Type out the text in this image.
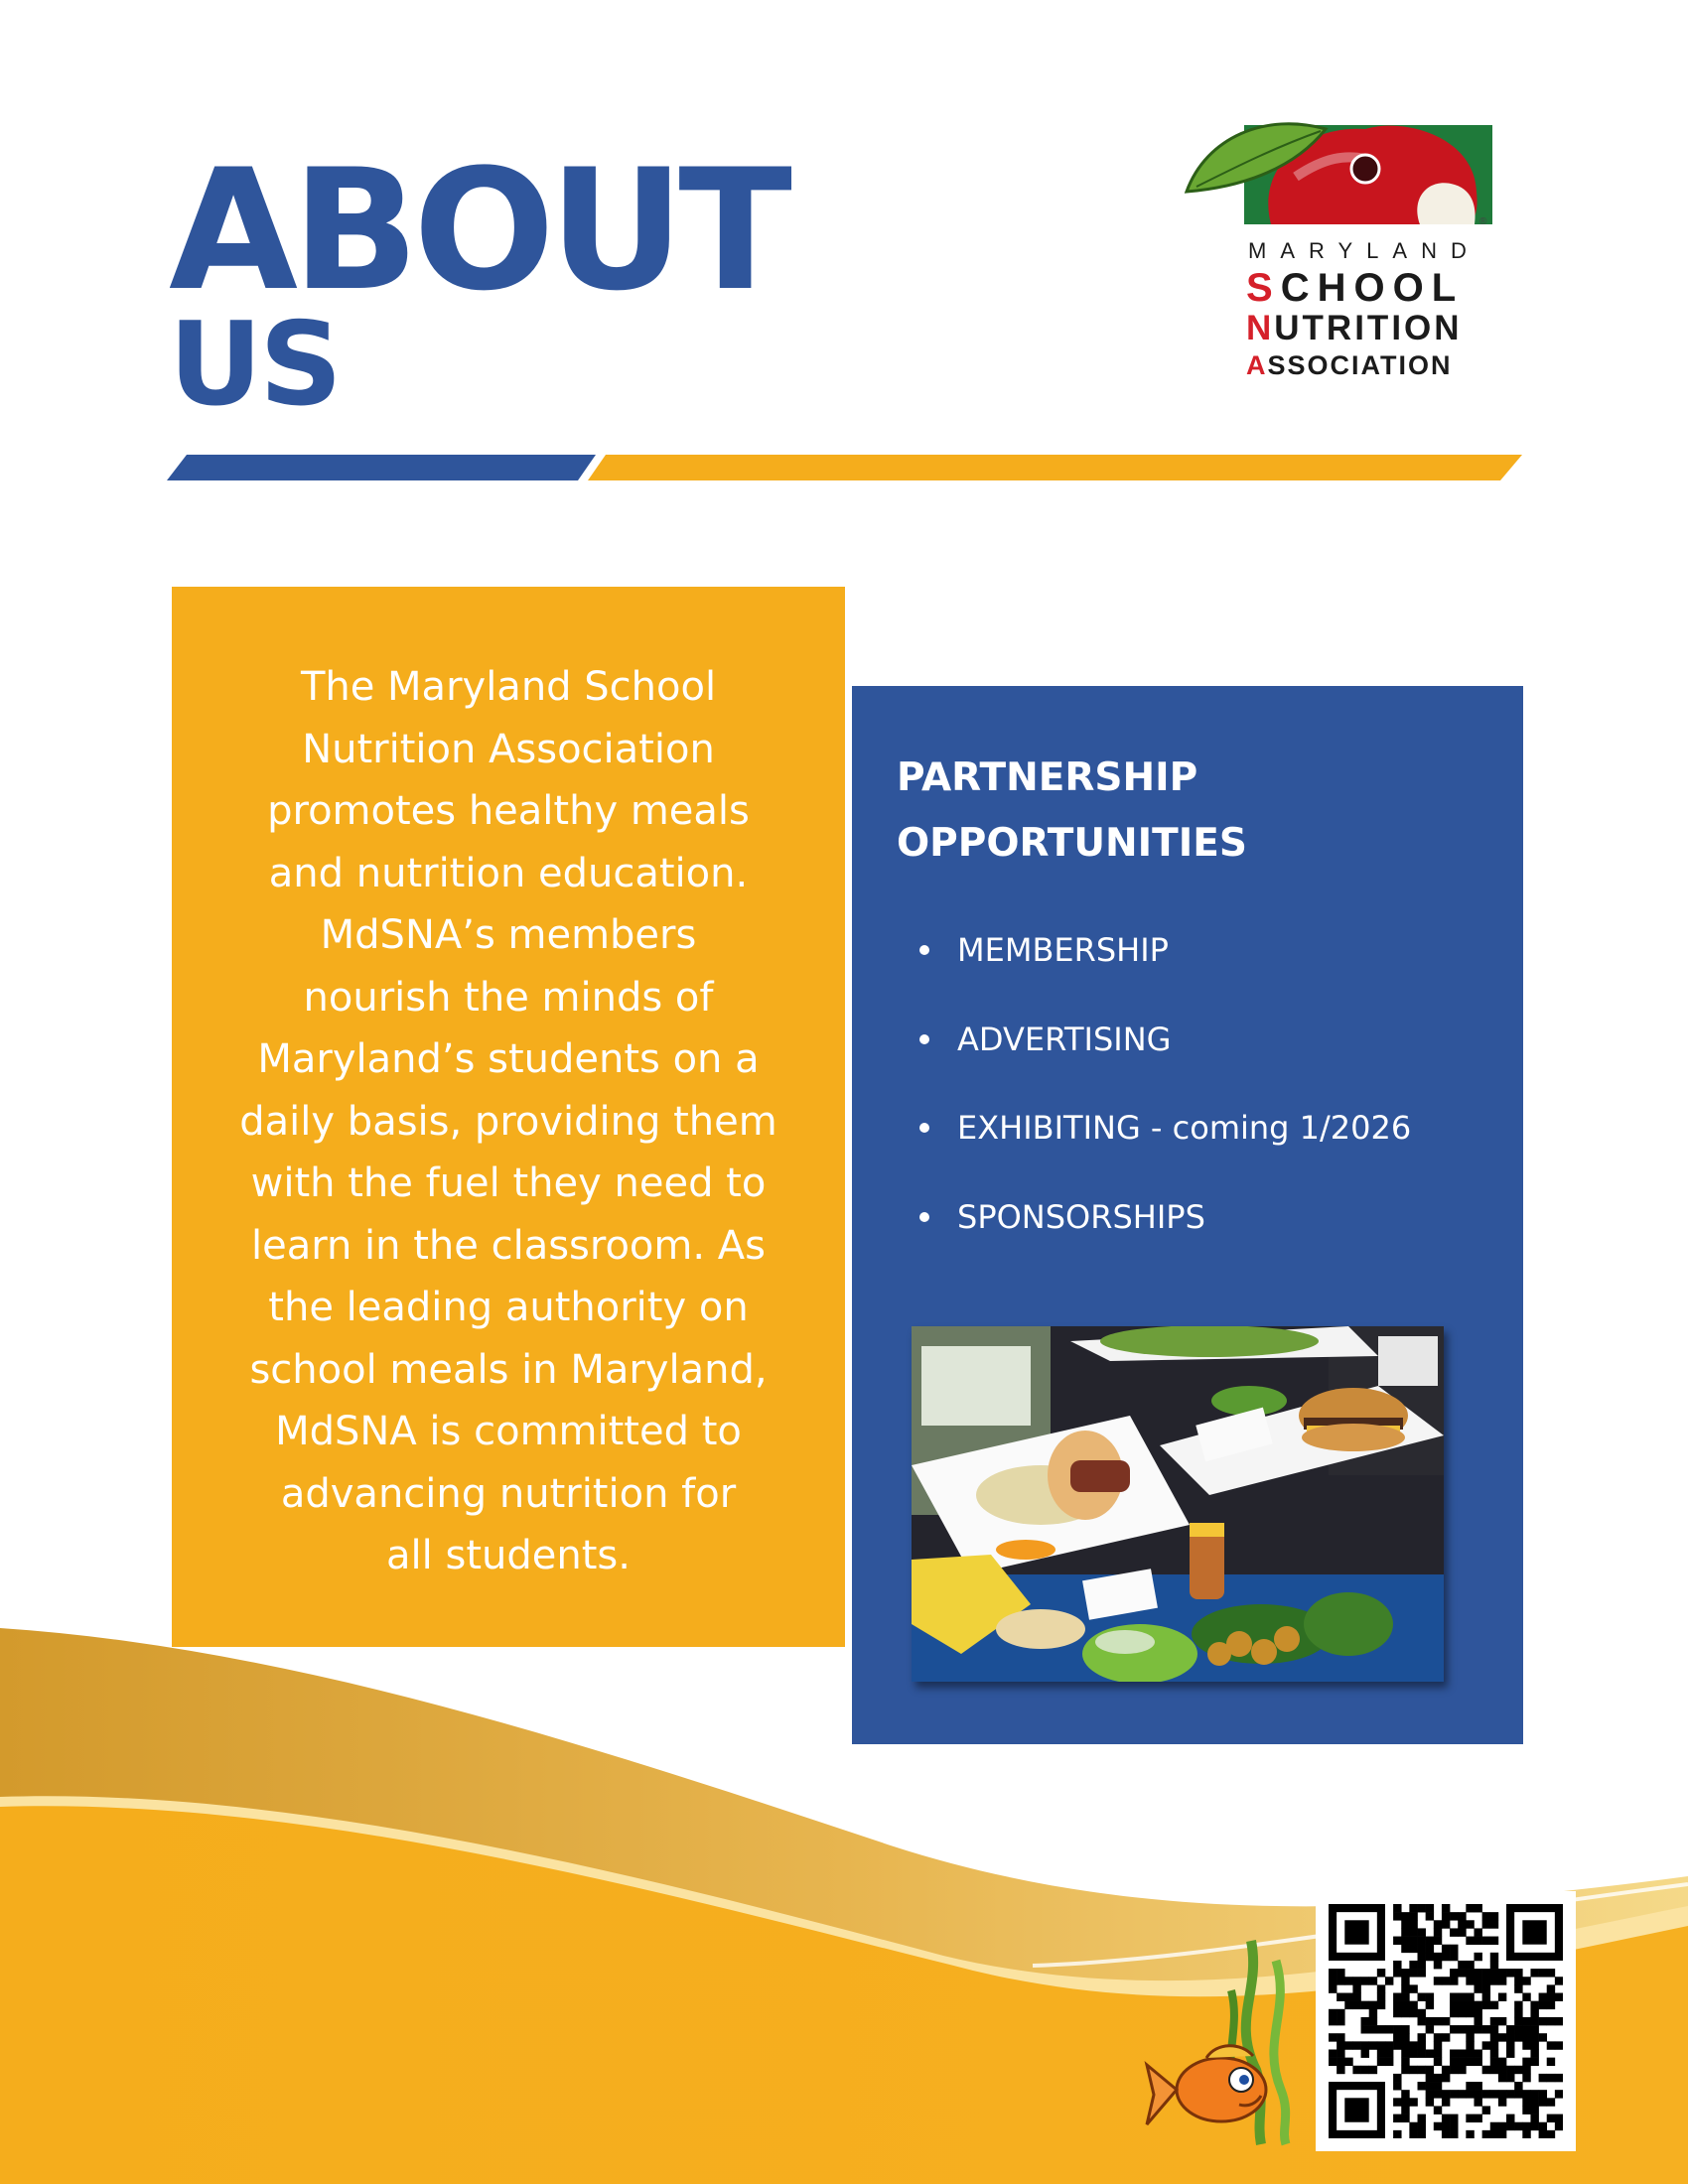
ABOUT
US
®
MARYLAND
SCHOOL
NUTRITION
ASSOCIATION
The Maryland School
Nutrition Association
promotes healthy meals
and nutrition education.
MdSNA’s members
nourish the minds of
Maryland’s students on a
daily basis, providing them
with the fuel they need to
learn in the classroom. As
the leading authority on
school meals in Maryland,
MdSNA is committed to
advancing nutrition for
all students.
PARTNERSHIP
OPPORTUNITIES
MEMBERSHIP
ADVERTISING
EXHIBITING - coming 1/2026
SPONSORSHIPS
